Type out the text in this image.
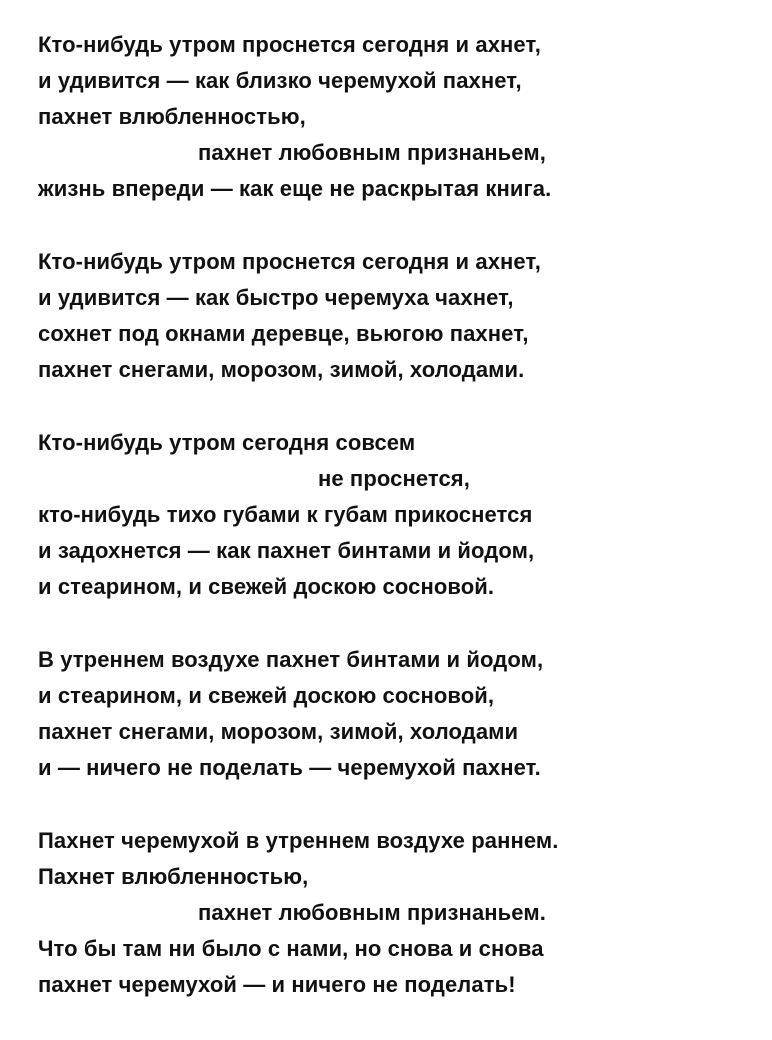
Кто-нибудь утром проснется сегодня и ахнет,
и удивится — как близко черемухой пахнет,
пахнет влюбленностью,
пахнет любовным признаньем,
жизнь впереди — как еще не раскрытая книга.
Кто-нибудь утром проснется сегодня и ахнет,
и удивится — как быстро черемуха чахнет,
сохнет под окнами деревце, вьюгою пахнет,
пахнет снегами, морозом, зимой, холодами.
Кто-нибудь утром сегодня совсем
не проснется,
кто-нибудь тихо губами к губам прикоснется
и задохнется — как пахнет бинтами и йодом,
и стеарином, и свежей доскою сосновой.
В утреннем воздухе пахнет бинтами и йодом,
и стеарином, и свежей доскою сосновой,
пахнет снегами, морозом, зимой, холодами
и — ничего не поделать — черемухой пахнет.
Пахнет черемухой в утреннем воздухе раннем.
Пахнет влюбленностью,
пахнет любовным признаньем.
Что бы там ни было с нами, но снова и снова
пахнет черемухой — и ничего не поделать!
